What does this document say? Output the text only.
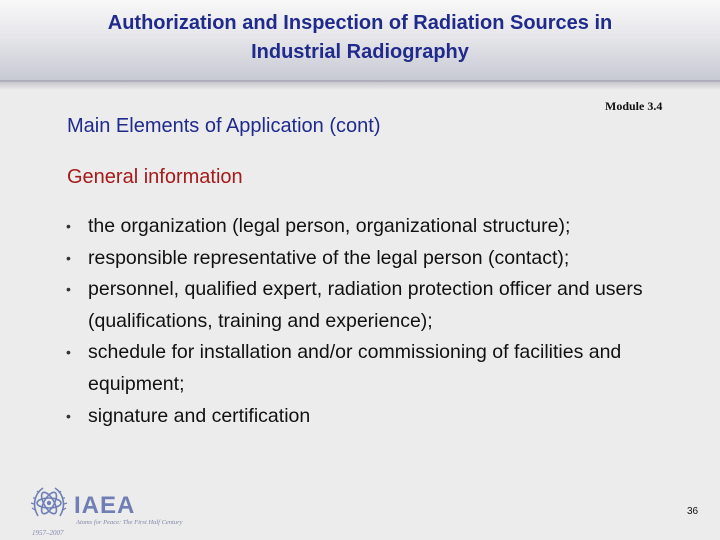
Authorization and Inspection of Radiation Sources in
Industrial Radiography
Module 3.4
Main Elements of Application (cont)
General information
• the organization (legal person, organizational structure);
• responsible representative of the legal person (contact);
• personnel, qualified expert, radiation protection officer and users (qualifications, training and experience);
• schedule for installation and/or commissioning of facilities and equipment;
• signature and certification
IAEA
Atoms for Peace: The First Half Century
1957–2007
36
